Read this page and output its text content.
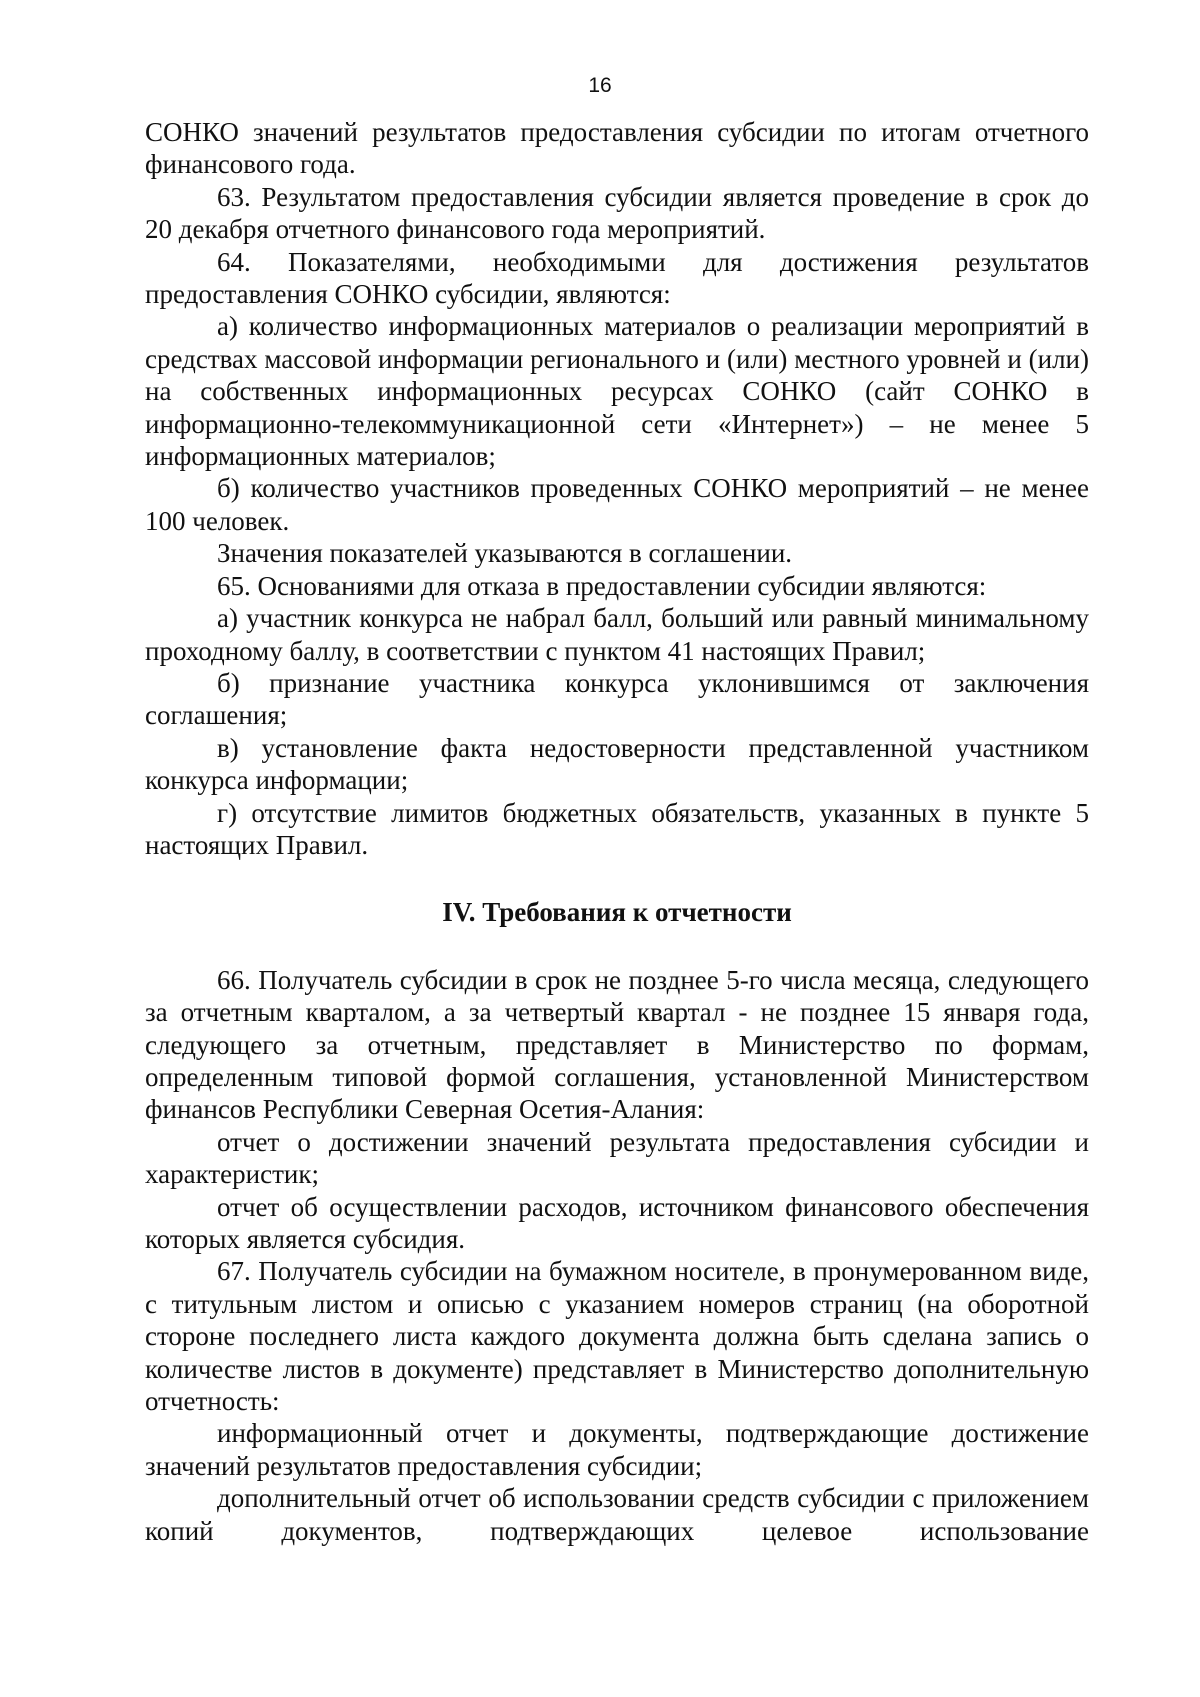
16

СОНКО значений результатов предоставления субсидии по итогам отчетного финансового года.

63. Результатом предоставления субсидии является проведение в срок до 20 декабря отчетного финансового года мероприятий.

64. Показателями, необходимыми для достижения результатов предоставления СОНКО субсидии, являются:

а) количество информационных материалов о реализации мероприятий в средствах массовой информации регионального и (или) местного уровней и (или) на собственных информационных ресурсах СОНКО (сайт СОНКО в информационно-телекоммуникационной сети «Интернет») – не менее 5 информационных материалов;

б) количество участников проведенных СОНКО мероприятий – не менее 100 человек.

Значения показателей указываются в соглашении.

65. Основаниями для отказа в предоставлении субсидии являются:

а) участник конкурса не набрал балл, больший или равный минимальному проходному баллу, в соответствии с пунктом 41 настоящих Правил;

б) признание участника конкурса уклонившимся от заключения соглашения;

в) установление факта недостоверности представленной участником конкурса информации;

г) отсутствие лимитов бюджетных обязательств, указанных в пункте 5 настоящих Правил.

IV. Требования к отчетности

66. Получатель субсидии в срок не позднее 5-го числа месяца, следующего за отчетным кварталом, а за четвертый квартал - не позднее 15 января года, следующего за отчетным, представляет в Министерство по формам, определенным типовой формой соглашения, установленной Министерством финансов Республики Северная Осетия-Алания:

отчет о достижении значений результата предоставления субсидии и характеристик;

отчет об осуществлении расходов, источником финансового обеспечения которых является субсидия.

67. Получатель субсидии на бумажном носителе, в пронумерованном виде, с титульным листом и описью с указанием номеров страниц (на оборотной стороне последнего листа каждого документа должна быть сделана запись о количестве листов в документе) представляет в Министерство дополнительную отчетность:

информационный отчет и документы, подтверждающие достижение значений результатов предоставления субсидии;

дополнительный отчет об использовании средств субсидии с приложением копий документов, подтверждающих целевое использование
